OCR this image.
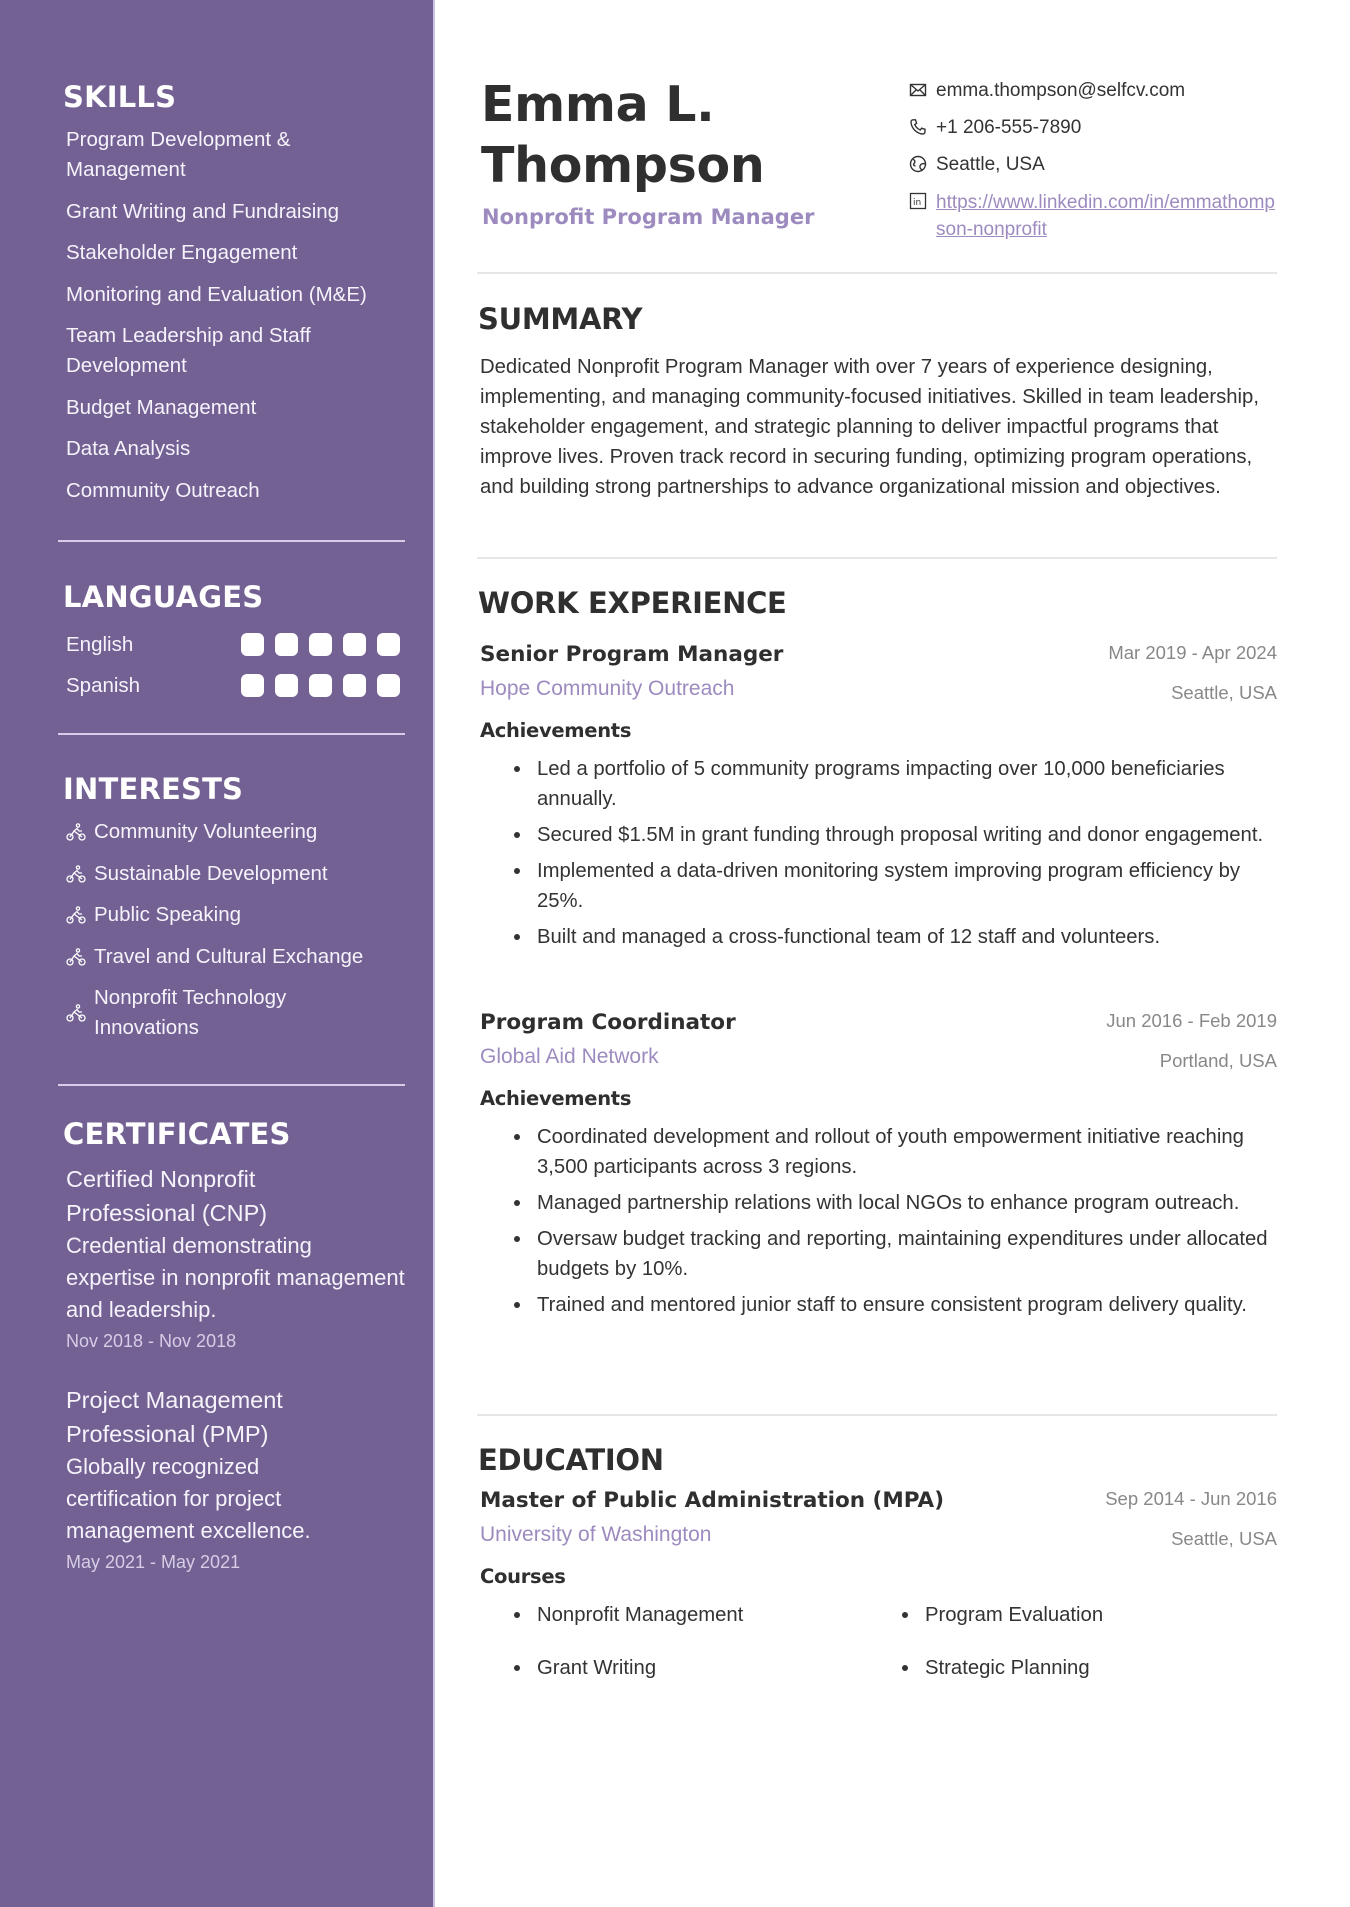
SKILLS
Program Development & Management
Grant Writing and Fundraising
Stakeholder Engagement
Monitoring and Evaluation (M&E)
Team Leadership and Staff Development
Budget Management
Data Analysis
Community Outreach
LANGUAGES
English
Spanish
INTERESTS
Community Volunteering
Sustainable Development
Public Speaking
Travel and Cultural Exchange
Nonprofit Technology Innovations
CERTIFICATES
Certified Nonprofit Professional (CNP)
Credential demonstrating expertise in nonprofit management and leadership.
Nov 2018 - Nov 2018
Project Management Professional (PMP)
Globally recognized certification for project management excellence.
May 2021 - May 2021
Emma L. Thompson
Nonprofit Program Manager
emma.thompson@selfcv.com
+1 206-555-7890
Seattle, USA
in https://www.linkedin.com/in/emmathompson-nonprofit
SUMMARY

Dedicated Nonprofit Program Manager with over 7 years of experience designing, implementing, and managing community-focused initiatives. Skilled in team leadership, stakeholder engagement, and strategic planning to deliver impactful programs that improve lives. Proven track record in securing funding, optimizing program operations, and building strong partnerships to advance organizational mission and objectives.

WORK EXPERIENCE
Senior Program Manager
Hope Community Outreach
Mar 2019 - Apr 2024
Seattle, USA
Achievements
Led a portfolio of 5 community programs impacting over 10,000 beneficiaries annually.
Secured $1.5M in grant funding through proposal writing and donor engagement.
Implemented a data-driven monitoring system improving program efficiency by 25%.
Built and managed a cross-functional team of 12 staff and volunteers.
Program Coordinator
Global Aid Network
Jun 2016 - Feb 2019
Portland, USA
Achievements
Coordinated development and rollout of youth empowerment initiative reaching 3,500 participants across 3 regions.
Managed partnership relations with local NGOs to enhance program outreach.
Oversaw budget tracking and reporting, maintaining expenditures under allocated budgets by 10%.
Trained and mentored junior staff to ensure consistent program delivery quality.
EDUCATION
Master of Public Administration (MPA)
University of Washington
Sep 2014 - Jun 2016
Seattle, USA
Courses
Nonprofit Management	Program Evaluation
Grant Writing	Strategic Planning
